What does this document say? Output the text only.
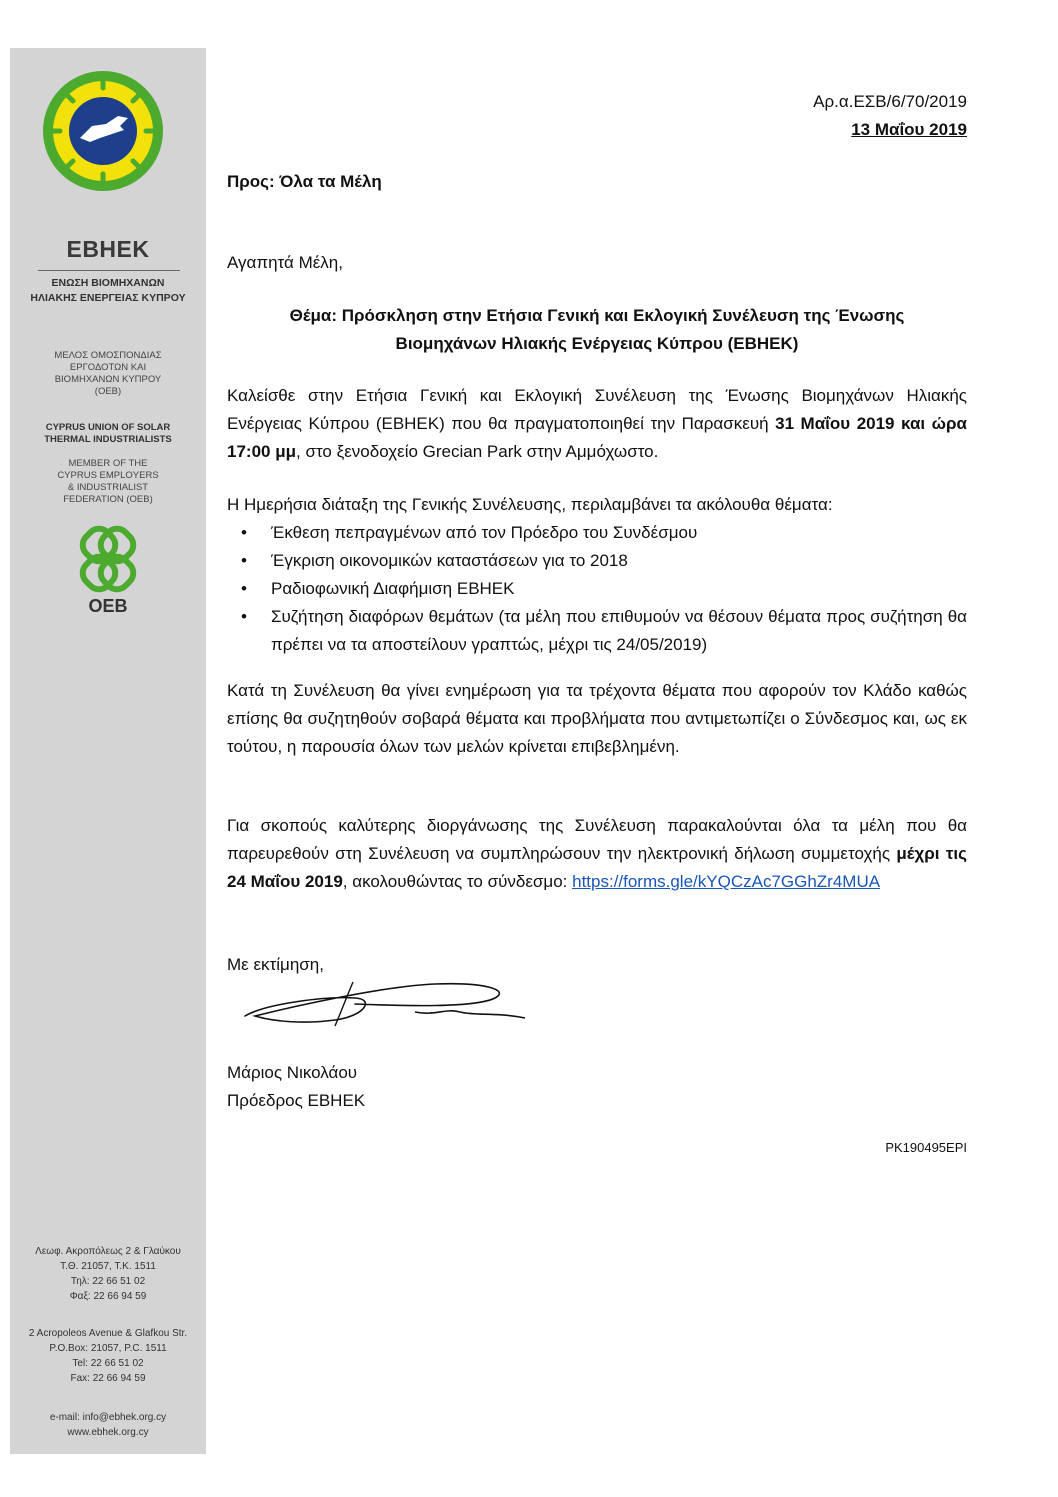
EBHEK
ΕΝΩΣΗ ΒΙΟΜΗΧΑΝΩΝ
ΗΛΙΑΚΗΣ ΕΝΕΡΓΕΙΑΣ ΚΥΠΡΟΥ
ΜΕΛΟΣ ΟΜΟΣΠΟΝΔΙΑΣ
ΕΡΓΟΔΟΤΩΝ ΚΑΙ
ΒΙΟΜΗΧΑΝΩΝ ΚΥΠΡΟΥ
(ΟΕΒ)
CYPRUS UNION OF SOLAR
THERMAL INDUSTRIALISTS
MEMBER OF THE
CYPRUS EMPLOYERS
& INDUSTRIALIST
FEDERATION (OEB)
OEB
Λεωφ. Ακροπόλεως 2 & Γλαύκου
Τ.Θ. 21057, Τ.Κ. 1511
Τηλ: 22 66 51 02
Φαξ: 22 66 94 59
2 Acropoleos Avenue & Glafkou Str.
P.O.Box: 21057, P.C. 1511
Tel: 22 66 51 02
Fax: 22 66 94 59
e-mail: info@ebhek.org.cy
www.ebhek.org.cy
Αρ.α.ΕΣΒ/6/70/2019
13 Μαΐου 2019
Προς: Όλα τα Μέλη
Αγαπητά Μέλη,
Θέμα: Πρόσκληση στην Ετήσια Γενική και Εκλογική Συνέλευση της Ένωσης
Βιομηχάνων Ηλιακής Ενέργειας Κύπρου (ΕΒΗΕΚ)
Καλείσθε στην Ετήσια Γενική και Εκλογική Συνέλευση της Ένωσης Βιομηχάνων Ηλιακής Ενέργειας Κύπρου (ΕΒΗΕΚ) που θα πραγματοποιηθεί την Παρασκευή 31 Μαΐου 2019 και ώρα 17:00 μμ, στο ξενοδοχείο Grecian Park στην Αμμόχωστο.
Η Ημερήσια διάταξη της Γενικής Συνέλευσης, περιλαμβάνει τα ακόλουθα θέματα:
• Έκθεση πεπραγμένων από τον Πρόεδρο του Συνδέσμου
• Έγκριση οικονομικών καταστάσεων για το 2018
• Ραδιοφωνική Διαφήμιση ΕΒΗΕΚ
• Συζήτηση διαφόρων θεμάτων (τα μέλη που επιθυμούν να θέσουν θέματα προς συζήτηση θα πρέπει να τα αποστείλουν γραπτώς, μέχρι τις 24/05/2019)
Κατά τη Συνέλευση θα γίνει ενημέρωση για τα τρέχοντα θέματα που αφορούν τον Κλάδο καθώς επίσης θα συζητηθούν σοβαρά θέματα και προβλήματα που αντιμετωπίζει ο Σύνδεσμος και, ως εκ τούτου, η παρουσία όλων των μελών κρίνεται επιβεβλημένη.
Για σκοπούς καλύτερης διοργάνωσης της Συνέλευση παρακαλούνται όλα τα μέλη που θα παρευρεθούν στη Συνέλευση να συμπληρώσουν την ηλεκτρονική δήλωση συμμετοχής μέχρι τις 24 Μαΐου 2019, ακολουθώντας το σύνδεσμο: https://forms.gle/kYQCzAc7GGhZr4MUA
Με εκτίμηση,
Μάριος Νικολάου
Πρόεδρος ΕΒΗΕΚ
PK190495EPI
